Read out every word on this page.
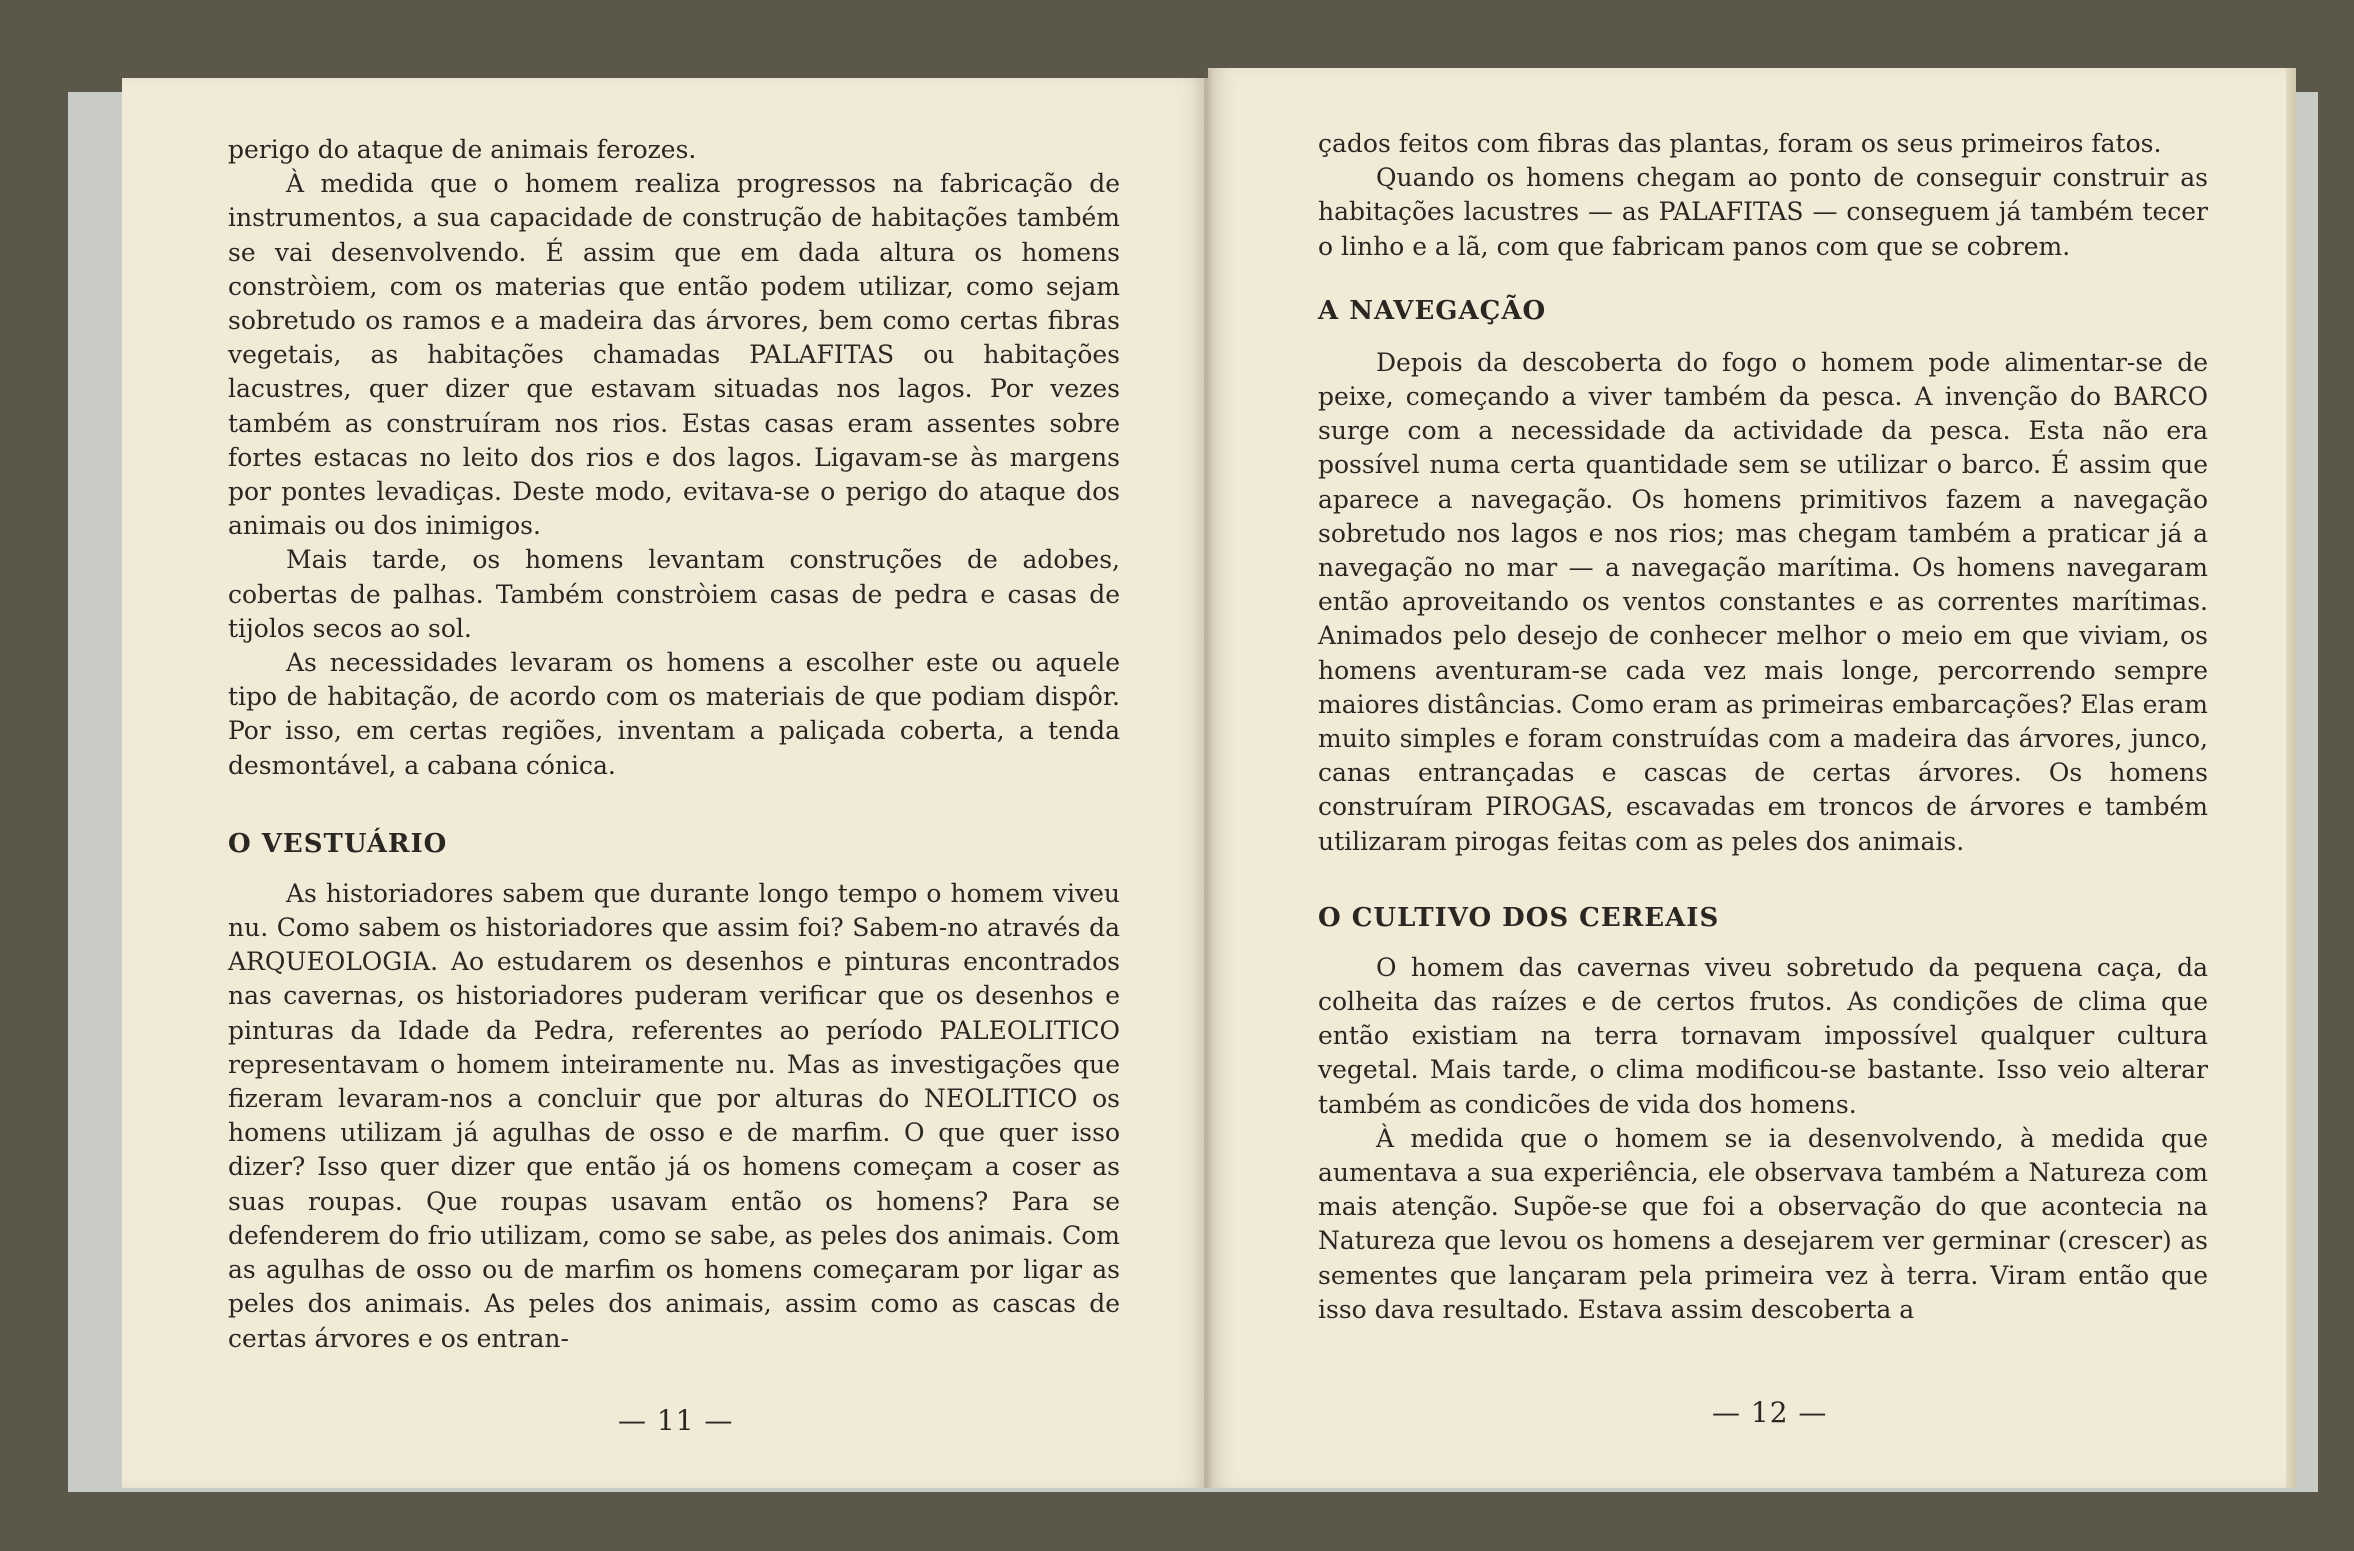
perigo do ataque de animais ferozes.

À medida que o homem realiza progressos na fabricação de instrumentos, a sua capacidade de construção de habitações também se vai desenvolvendo. É assim que em dada altura os homens constròiem, com os materias que então podem utilizar, como sejam sobretudo os ramos e a madeira das árvores, bem como certas fibras vegetais, as habitações chamadas PALAFITAS ou habitações lacustres, quer dizer que estavam situadas nos lagos. Por vezes também as construíram nos rios. Estas casas eram assentes sobre fortes estacas no leito dos rios e dos lagos. Ligavam-se às margens por pontes levadiças. Deste modo, evitava-se o perigo do ataque dos animais ou dos inimigos.

Mais tarde, os homens levantam construções de adobes, cobertas de palhas. Também constròiem casas de pedra e casas de tijolos secos ao sol.

As necessidades levaram os homens a escolher este ou aquele tipo de habitação, de acordo com os materiais de que podiam dispôr. Por isso, em certas regiões, inventam a paliçada coberta, a tenda desmontável, a cabana cónica.

O VESTUÁRIO

As historiadores sabem que durante longo tempo o homem viveu nu. Como sabem os historiadores que assim foi? Sabem-no através da ARQUEOLOGIA. Ao estudarem os desenhos e pinturas encontrados nas cavernas, os historiadores puderam verificar que os desenhos e pinturas da Idade da Pedra, referentes ao período PALEOLITICO representavam o homem inteiramente nu. Mas as investigações que fizeram levaram-nos a concluir que por alturas do NEOLITICO os homens utilizam já agulhas de osso e de marfim. O que quer isso dizer? Isso quer dizer que então já os homens começam a coser as suas roupas. Que roupas usavam então os homens? Para se defenderem do frio utilizam, como se sabe, as peles dos animais. Com as agulhas de osso ou de marfim os homens começaram por ligar as peles dos animais. As peles dos animais, assim como as cascas de certas árvores e os entran-

— 11 —

çados feitos com fibras das plantas, foram os seus primeiros fatos.

Quando os homens chegam ao ponto de conseguir construir as habitações lacustres — as PALAFITAS — conseguem já também tecer o linho e a lã, com que fabricam panos com que se cobrem.

A NAVEGAÇÃO

Depois da descoberta do fogo o homem pode alimentar-se de peixe, começando a viver também da pesca. A invenção do BARCO surge com a necessidade da actividade da pesca. Esta não era possível numa certa quantidade sem se utilizar o barco. É assim que aparece a navegação. Os homens primitivos fazem a navegação sobretudo nos lagos e nos rios; mas chegam também a praticar já a navegação no mar — a navegação marítima. Os homens navegaram então aproveitando os ventos constantes e as correntes marítimas. Animados pelo desejo de conhecer melhor o meio em que viviam, os homens aventuram-se cada vez mais longe, percorrendo sempre maiores distâncias. Como eram as primeiras embarcações? Elas eram muito simples e foram construídas com a madeira das árvores, junco, canas entrançadas e cascas de certas árvores. Os homens construíram PIROGAS, escavadas em troncos de árvores e também utilizaram pirogas feitas com as peles dos animais.

O CULTIVO DOS CEREAIS

O homem das cavernas viveu sobretudo da pequena caça, da colheita das raízes e de certos frutos. As condições de clima que então existiam na terra tornavam impossível qualquer cultura vegetal. Mais tarde, o clima modificou-se bastante. Isso veio alterar também as condicões de vida dos homens.

À medida que o homem se ia desenvolvendo, à medida que aumentava a sua experiência, ele observava também a Natureza com mais atenção. Supõe-se que foi a observação do que acontecia na Natureza que levou os homens a desejarem ver germinar (crescer) as sementes que lançaram pela primeira vez à terra. Viram então que isso dava resultado. Estava assim descoberta a

— 12 —
